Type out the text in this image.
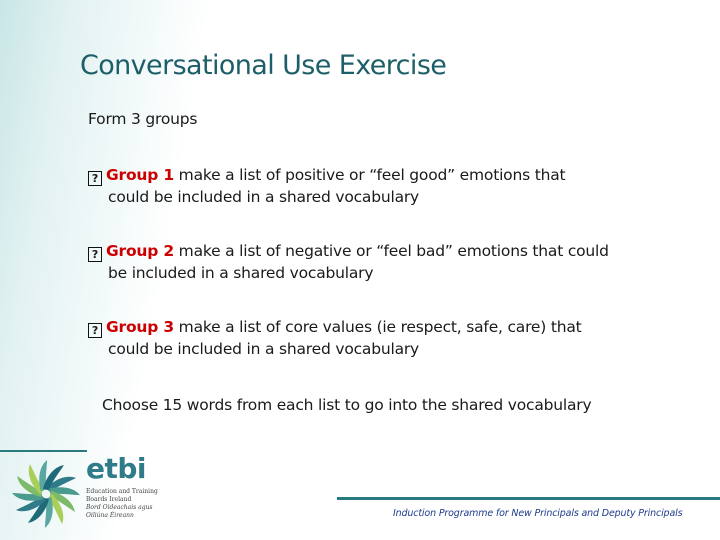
Conversational Use Exercise
Form 3 groups
? Group 1 make a list of positive or “feel good” emotions that
could be included in a shared vocabulary
? Group 2 make a list of negative or “feel bad” emotions that could
be included in a shared vocabulary
? Group 3 make a list of core values (ie respect, safe, care) that
could be included in a shared vocabulary
Choose 15 words from each list to go into the shared vocabulary
etbi
Education and Training
Boards Ireland
Bord Oideachais agus
Oiliúna Éireann	Induction Programme for New Principals and Deputy Principals
